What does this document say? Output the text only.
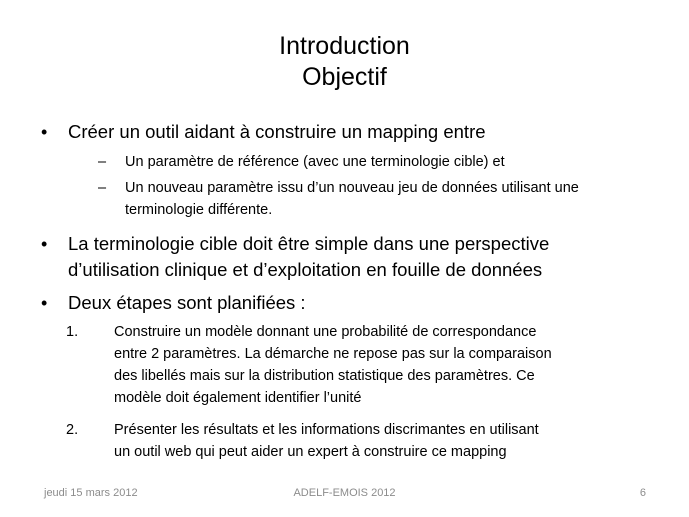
Introduction
Objectif
• Créer un outil aidant à construire un mapping entre
– Un paramètre de référence (avec une terminologie cible) et
– Un nouveau paramètre issu d’un nouveau jeu de données utilisant une
terminologie différente.
• La terminologie cible doit être simple dans une perspective
d’utilisation clinique et d’exploitation en fouille de données
• Deux étapes sont planifiées :
1. Construire un modèle donnant une probabilité de correspondance
entre 2 paramètres. La démarche ne repose pas sur la comparaison
des libellés mais sur la distribution statistique des paramètres. Ce
modèle doit également identifier l’unité
2. Présenter les résultats et les informations discrimantes en utilisant
un outil web qui peut aider un expert à construire ce mapping
jeudi 15 mars 2012	ADELF-EMOIS 2012	6
